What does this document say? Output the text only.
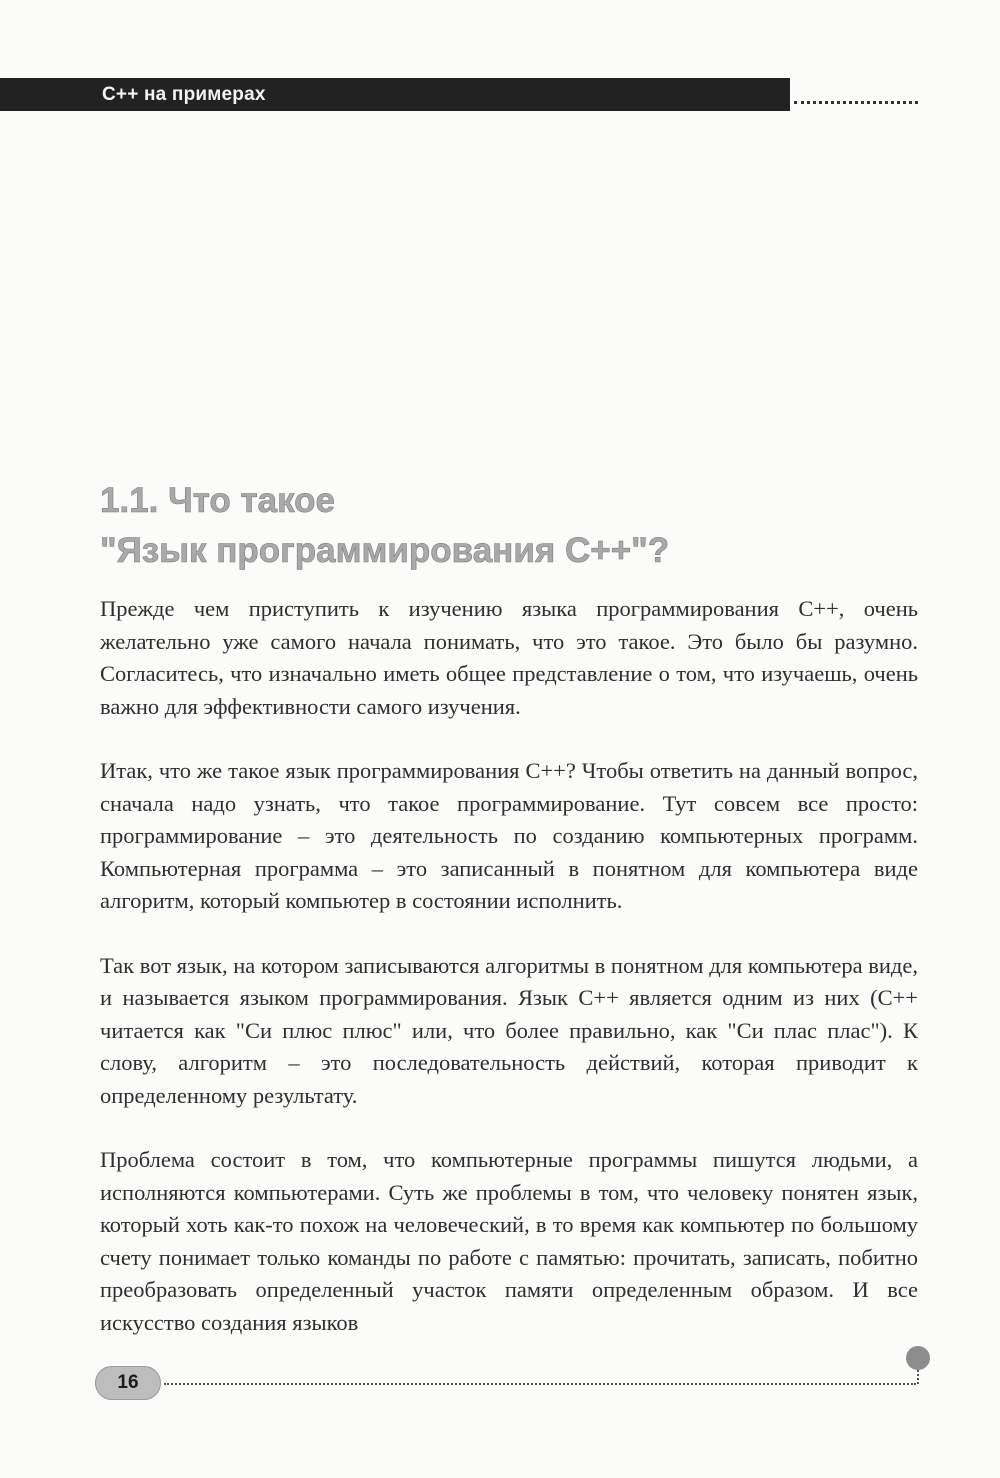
C++ на примерах
1.1. Что такое
"Язык программирования С++"?

Прежде чем приступить к изучению языка программирования С++, очень желательно уже самого начала понимать, что это такое. Это было бы разумно. Согласитесь, что изначально иметь общее представление о том, что изучаешь, очень важно для эффективности самого изучения.

Итак, что же такое язык программирования С++? Чтобы ответить на данный вопрос, сначала надо узнать, что такое программирование. Тут совсем все просто: программирование – это деятельность по созданию компьютерных программ. Компьютерная программа – это записанный в понятном для компьютера виде алгоритм, который компьютер в состоянии исполнить.

Так вот язык, на котором записываются алгоритмы в понятном для компьютера виде, и называется языком программирования. Язык С++ является одним из них (С++ читается как "Си плюс плюс" или, что более правильно, как "Си плас плас"). К слову, алгоритм – это последовательность действий, которая приводит к определенному результату.

Проблема состоит в том, что компьютерные программы пишутся людьми, а исполняются компьютерами. Суть же проблемы в том, что человеку понятен язык, который хоть как-то похож на человеческий, в то время как компьютер по большому счету понимает только команды по работе с памятью: прочитать, записать, побитно преобразовать определенный участок памяти определенным образом. И все искусство создания языков

16
